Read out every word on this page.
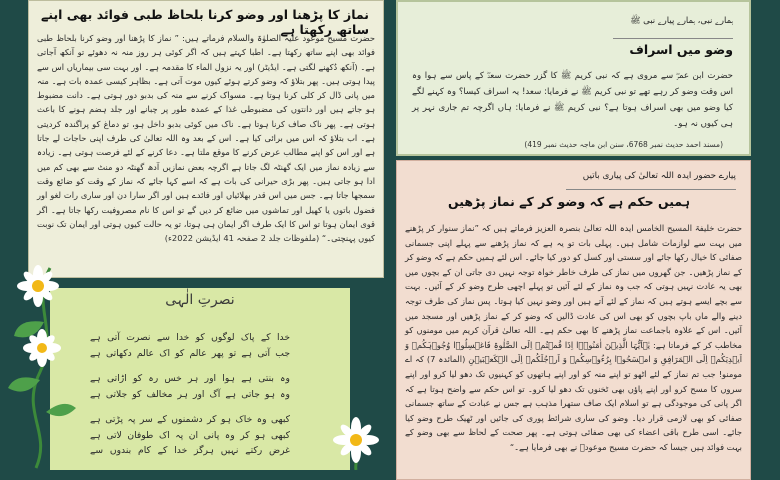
نماز کا پڑھنا اور وضو کرنا بلحاظ طبی فوائد بھی اپنے ساتھ رکھتا ہے
حضرت مسیح موعود علیہ الصلوٰۃ والسلام فرماتے ہیں: ” نماز کا پڑھنا اور وضو کرنا بلحاظ طبی فوائد بھی اپنے ساتھ رکھتا ہے۔ اطبا کہتے ہیں کہ اگر کوئی ہر روز منہ نہ دھوئے تو آنکھ آجاتی ہے۔ (آنکھ دُکھنے لگتی ہے۔ ایڈیٹر) اور یہ نزول الماء کا مقدمہ ہے۔ اور بہت سی بیماریاں اس سے پیدا ہوتی ہیں۔ پھر بتلاؤ کہ وضو کرتے ہوئے کیوں موت آتی ہے۔ بظاہر کیسی عمدہ بات ہے۔ منہ میں پانی ڈال کر کلی کرنا ہوتا ہے۔ مسواک کرنے سے منہ کی بدبو دور ہوتی ہے۔ دانت مضبوط ہو جاتے ہیں اور دانتوں کی مضبوطی غذا کے عمدہ طور پر چبانے اور جلد ہضم ہونے کا باعث ہوتی ہے۔ پھر ناک صاف کرنا ہوتا ہے۔ ناک میں کوئی بدبو داخل ہو، تو دماغ کو پراگندہ کردیتی ہے۔ اب بتلاؤ کہ اس میں برائی کیا ہے۔ اس کے بعد وہ اللہ تعالیٰ کی طرف اپنی حاجات لے جاتا ہے اور اس کو اپنے مطالب عرض کرنے کا موقع ملتا ہے۔ دعا کرنے کے لئے فرصت ہوتی ہے۔ زیادہ سے زیادہ نماز میں ایک گھنٹہ لگ جاتا ہے اگرچہ بعض نمازیں آدھ گھنٹہ دو منٹ سے بھی کم میں ادا ہو جاتی ہیں۔ پھر بڑی حیرانی کی بات ہے کہ اسے کہا جائے کہ نماز کے وقت کو ضائع وقت سمجھا جاتا ہے۔ جس میں اس قدر بھلائیاں اور فائدے ہیں اور اگر سارا دن اور ساری رات لغو اور فضول باتوں یا کھیل اور تماشوں میں ضائع کر دیں گے تو اس کا نام مصروفیت رکھا جاتا ہے۔ اگر قوی ایمان ہوتا تو اس کا ایک طرف اگر ایمان ہی ہوتا، تو یہ حالت کیوں ہوتی اور ایمان تک نوبت کیوں پہنچتی۔“ (ملفوظات جلد 2 صفحہ 41 ایڈیشن 2022ء)
ہمارے نبی، ہمارے پیارے نبی ﷺ
وضو میں اسراف
حضرت ابن عمرؓ سے مروی ہے کہ نبی کریم ﷺ کا گزر حضرت سعدؓ کے پاس سے ہوا وہ اس وقت وضو کر رہے تھے تو نبی کریم ﷺ نے فرمایا: سعد! یہ اسراف کیسا؟ وہ کہنے لگے کیا وضو میں بھی اسراف ہوتا ہے؟ نبی کریم ﷺ نے فرمایا: ہاں اگرچہ تم جاری نہر پر ہی کیوں نہ ہو۔
(مسند احمد حدیث نمبر 6768، سنن ابن ماجہ حدیث نمبر 419)
پیارے حضور ایدہ اللہ تعالیٰ کی پیاری باتیں
ہمیں حکم ہے کہ وضو کر کے نماز پڑھیں
حضرت خلیفۃ المسیح الخامس ایدہ اللہ تعالیٰ بنصرہ العزیز فرماتے ہیں کہ ”نماز سنوار کر پڑھنے میں بہت سے لوازمات شامل ہیں۔ پہلی بات تو یہ ہے کہ نماز پڑھنے سے پہلے اپنی جسمانی صفائی کا خیال رکھا جائے اور سستی اور کسل کو دور کیا جائے۔ اس لئے ہمیں حکم ہے کہ وضو کر کے نماز پڑھیں۔ جن گھروں میں نماز کی طرف خاطر خواہ توجہ نہیں دی جاتی ان کے بچوں میں بھی یہ عادت نہیں ہوتی کہ جب وہ نماز کے لئے آئیں تو پہلے اچھی طرح وضو کر کے آئیں۔ بہت سے بچے ایسے ہوتے ہیں کہ نماز کے لئے آتے ہیں اور وضو نہیں کیا ہوتا۔ پس نماز کی طرف توجہ دینے والے ماں باپ بچوں کو بھی اس کی عادت ڈالیں کہ وضو کر کے نماز پڑھیں اور مسجد میں آئیں۔ اس کے علاوہ باجماعت نماز پڑھنے کا بھی حکم ہے۔ اللہ تعالیٰ قرآن کریم میں مومنوں کو مخاطب کر کے فرماتا ہے: یٰۤاَیُّہَا الَّذِیۡنَ اٰمَنُوۡۤا اِذَا قُمۡتُمۡ اِلَی الصَّلٰوۃِ فَاغۡسِلُوۡا وُجُوۡہَکُمۡ وَ اَیۡدِیَکُمۡ اِلَی الۡمَرَافِقِ وَ امۡسَحُوۡا بِرُءُوۡسِکُمۡ وَ اَرۡجُلَکُمۡ اِلَی الۡکَعۡبَیۡنِ (المائدہ 7) کہ اے مومنو! جب تم نماز کے لئے اٹھو تو اپنے منہ کو اور اپنے ہاتھوں کو کہنیوں تک دھو لیا کرو اور اپنے سروں کا مسح کرو اور اپنے پاؤں بھی ٹخنوں تک دھو لیا کرو۔ تو اس حکم سے واضح ہوتا ہے کہ اگر پانی کی موجودگی ہے تو اسلام ایک صاف ستھرا مذہب ہے جس نے عبادت کے ساتھ جسمانی صفائی کو بھی لازمی قرار دیا۔ وضو کی ساری شرائط پوری کی جائیں اور ٹھیک طرح وضو کیا جائے۔ اسی طرح باقی اعضاء کی بھی صفائی ہوتی ہے۔ پھر صحت کے لحاظ سے بھی وضو کے بہت فوائد ہیں جیسا کہ حضرت مسیح موعودؑ نے بھی فرمایا ہے۔“
نصرتِ الٰہی
خدا کے پاک لوگوں کو خدا سے نصرت آتی ہے
جب آتی ہے تو پھر عالم کو اک عالم دکھاتی ہے
وہ بنتی ہے ہوا اور ہر خس رہ کو اڑاتی ہے
وہ ہو جاتی ہے آگ اور ہر مخالف کو جلاتی ہے
کبھی وہ خاک ہو کر دشمنوں کے سر پہ پڑتی ہے
کبھی ہو کر وہ پانی ان پہ اک طوفان لاتی ہے
غرض رکتے نہیں ہرگز خدا کے کام بندوں سے
